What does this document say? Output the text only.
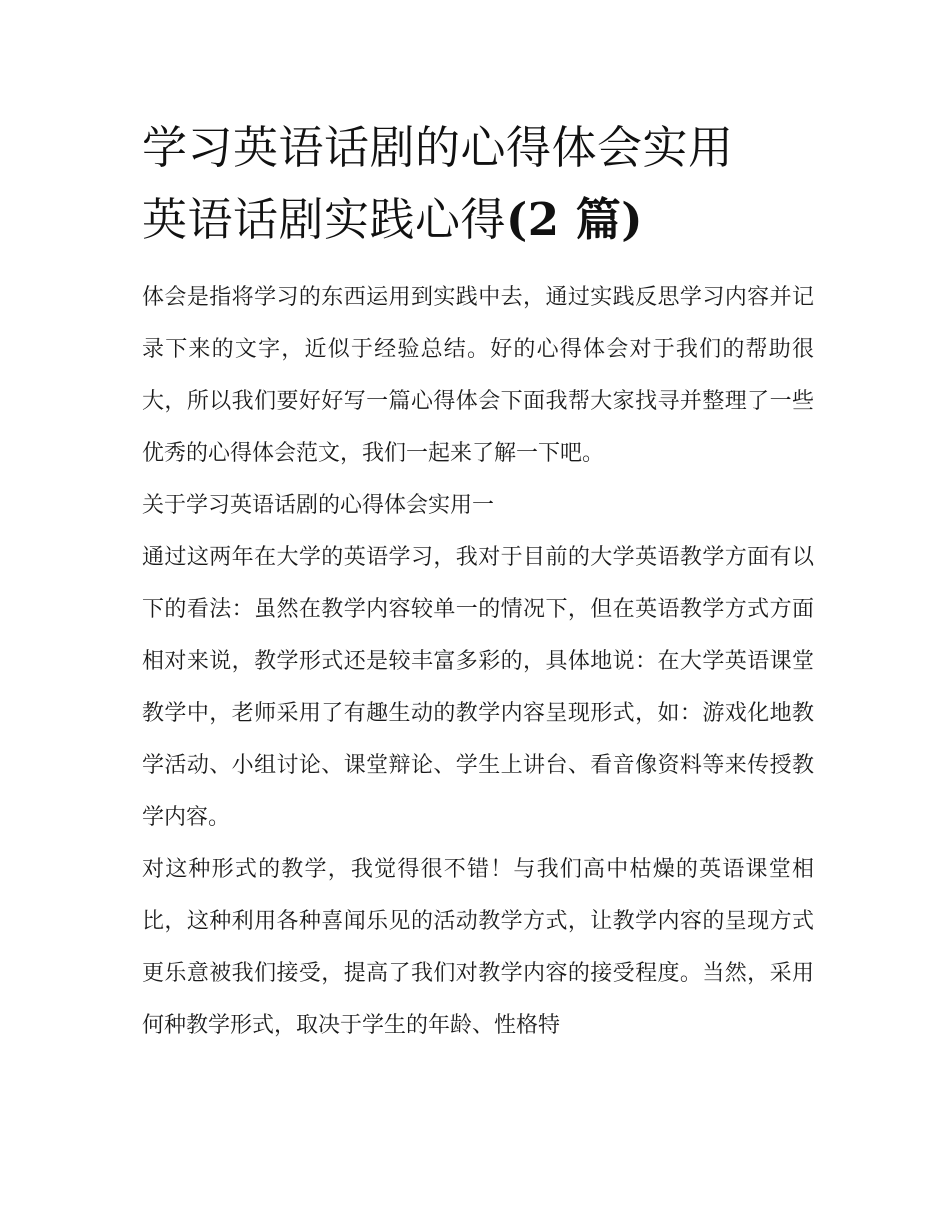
学习英语话剧的心得体会实用
英语话剧实践心得(2 篇)

体会是指将学习的东西运用到实践中去，通过实践反思学习内容并记录下来的文字，近似于经验总结。好的心得体会对于我们的帮助很大，所以我们要好好写一篇心得体会下面我帮大家找寻并整理了一些优秀的心得体会范文，我们一起来了解一下吧。

关于学习英语话剧的心得体会实用一

通过这两年在大学的英语学习，我对于目前的大学英语教学方面有以下的看法：虽然在教学内容较单一的情况下，但在英语教学方式方面相对来说，教学形式还是较丰富多彩的，具体地说：在大学英语课堂教学中，老师采用了有趣生动的教学内容呈现形式，如：游戏化地教学活动、小组讨论、课堂辩论、学生上讲台、看音像资料等来传授教学内容。

对这种形式的教学，我觉得很不错！与我们高中枯燥的英语课堂相比，这种利用各种喜闻乐见的活动教学方式，让教学内容的呈现方式更乐意被我们接受，提高了我们对教学内容的接受程度。当然，采用何种教学形式，取决于学生的年龄、性格特
